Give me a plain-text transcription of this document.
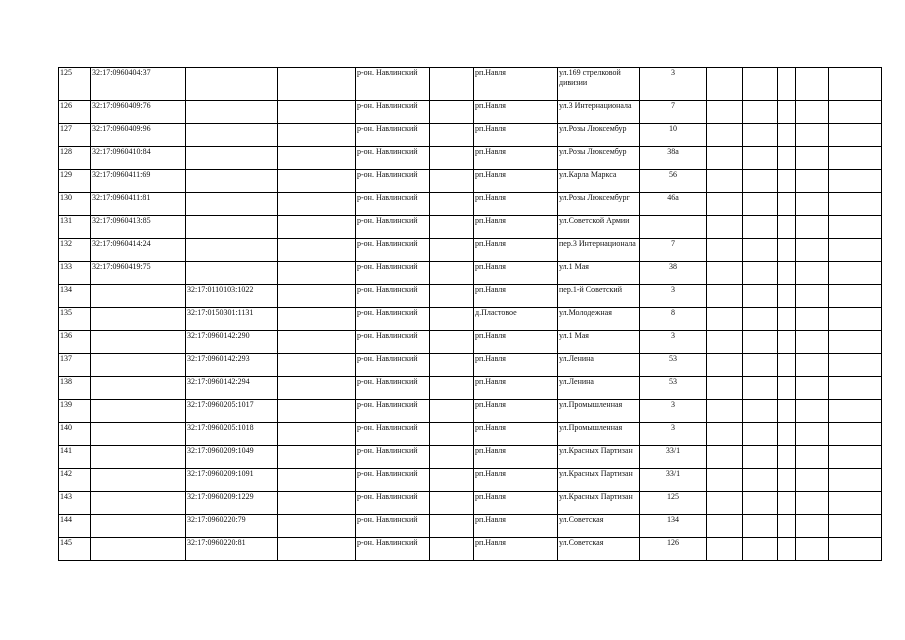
125	32:17:0960404:37			р-он. Навлинский		рп.Навля	ул.169 стрелковой дивизии	3					
126	32:17:0960409:76			р-он. Навлинский		рп.Навля	ул.3 Интернационала	7					
127	32:17:0960409:96			р-он. Навлинский		рп.Навля	ул.Розы Люксембур	10					
128	32:17:0960410:84			р-он. Навлинский		рп.Навля	ул.Розы Люксембур	38а					
129	32:17:0960411:69			р-он. Навлинский		рп.Навля	ул.Карла Маркса	56					
130	32:17:0960411:81			р-он. Навлинский		рп.Навля	ул.Розы Люксембург	46а					
131	32:17:0960413:85			р-он. Навлинский		рп.Навля	ул.Советской Армии						
132	32:17:0960414:24			р-он. Навлинский		рп.Навля	пер.3 Интернационала	7					
133	32:17:0960419:75			р-он. Навлинский		рп.Навля	ул.1 Мая	38					
134		32:17:0110103:1022		р-он. Навлинский		рп.Навля	пер.1-й Советский	3					
135		32:17:0150301:1131		р-он. Навлинский		д.Пластовое	ул.Молодежная	8					
136		32:17:0960142:290		р-он. Навлинский		рп.Навля	ул.1 Мая	3					
137		32:17:0960142:293		р-он. Навлинский		рп.Навля	ул.Ленина	53					
138		32:17:0960142:294		р-он. Навлинский		рп.Навля	ул.Ленина	53					
139		32:17:0960205:1017		р-он. Навлинский		рп.Навля	ул.Промышленная	3					
140		32:17:0960205:1018		р-он. Навлинский		рп.Навля	ул.Промышленная	3					
141		32:17:0960209:1049		р-он. Навлинский		рп.Навля	ул.Красных Партизан	33/1					
142		32:17:0960209:1091		р-он. Навлинский		рп.Навля	ул.Красных Партизан	33/1					
143		32:17:0960209:1229		р-он. Навлинский		рп.Навля	ул.Красных Партизан	125					
144		32:17:0960220:79		р-он. Навлинский		рп.Навля	ул.Советская	134					
145		32:17:0960220:81		р-он. Навлинский		рп.Навля	ул.Советская	126					
